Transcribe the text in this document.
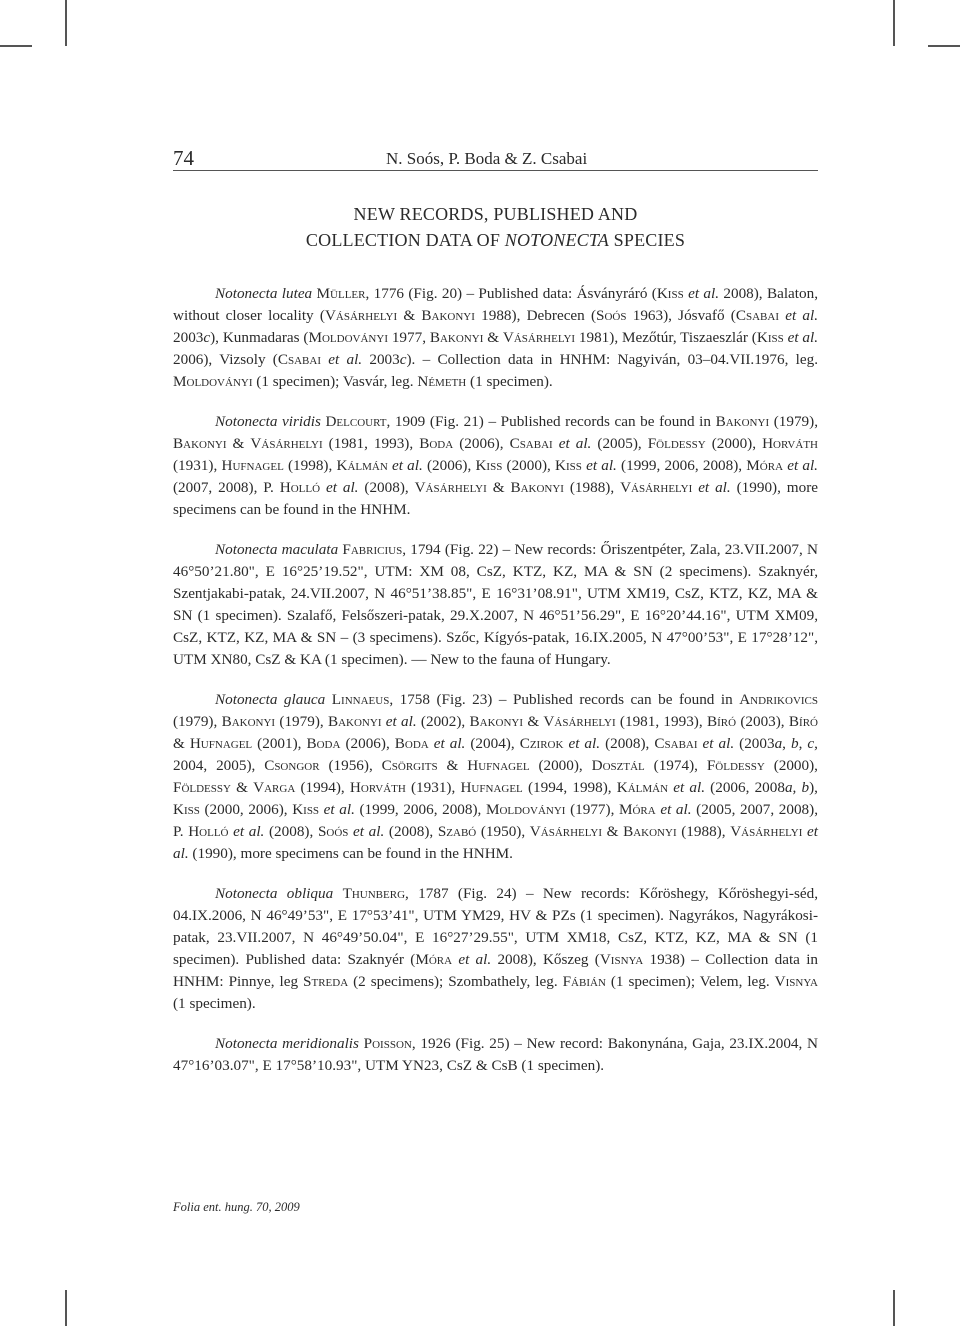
74	N. Soós, P. Boda & Z. Csabai
NEW RECORDS, PUBLISHED AND
COLLECTION DATA OF NOTONECTA SPECIES

Notonecta lutea Müller, 1776 (Fig. 20) – Published data: Ásványráró (Kiss et al. 2008), Balaton, without closer locality (Vásárhelyi & Bakonyi 1988), Debrecen (Soós 1963), Jósvafő (Csabai et al. 2003c), Kunmadaras (Moldoványi 1977, Bakonyi & Vásárhelyi 1981), Mezőtúr, Tiszaeszlár (Kiss et al. 2006), Vizsoly (Csabai et al. 2003c). – Collection data in HNHM: Nagyiván, 03–04.VII.1976, leg. Moldoványi (1 specimen); Vasvár, leg. Németh (1 specimen).

Notonecta viridis Delcourt, 1909 (Fig. 21) – Published records can be found in Bakonyi (1979), Bakonyi & Vásárhelyi (1981, 1993), Boda (2006), Csabai et al. (2005), Földessy (2000), Horváth (1931), Hufnagel (1998), Kálmán et al. (2006), Kiss (2000), Kiss et al. (1999, 2006, 2008), Móra et al. (2007, 2008), P. Holló et al. (2008), Vásárhelyi & Bakonyi (1988), Vásárhelyi et al. (1990), more specimens can be found in the HNHM.

Notonecta maculata Fabricius, 1794 (Fig. 22) – New records: Őriszentpéter, Zala, 23.VII.2007, N 46°50’21.80", E 16°25’19.52", UTM: XM 08, CsZ, KTZ, KZ, MA & SN (2 specimens). Szaknyér, Szentjakabi-patak, 24.VII.2007, N 46°51’38.85", E 16°31’08.91", UTM XM19, CsZ, KTZ, KZ, MA & SN (1 specimen). Szalafő, Felsőszeri-patak, 29.X.2007, N 46°51’56.29", E 16°20’44.16", UTM XM09, CsZ, KTZ, KZ, MA & SN – (3 specimens). Szőc, Kígyós-patak, 16.IX.2005, N 47°00’53", E 17°28’12", UTM XN80, CsZ & KA (1 specimen). — New to the fauna of Hungary.

Notonecta glauca Linnaeus, 1758 (Fig. 23) – Published records can be found in Andrikovics (1979), Bakonyi (1979), Bakonyi et al. (2002), Bakonyi & Vásárhelyi (1981, 1993), Bíró (2003), Bíró & Hufnagel (2001), Boda (2006), Boda et al. (2004), Czirok et al. (2008), Csabai et al. (2003a, b, c, 2004, 2005), Csongor (1956), Csörgits & Hufnagel (2000), Dosztál (1974), Földessy (2000), Földessy & Varga (1994), Horváth (1931), Hufnagel (1994, 1998), Kálmán et al. (2006, 2008a, b), Kiss (2000, 2006), Kiss et al. (1999, 2006, 2008), Moldoványi (1977), Móra et al. (2005, 2007, 2008), P. Holló et al. (2008), Soós et al. (2008), Szabó (1950), Vásárhelyi & Bakonyi (1988), Vásárhelyi et al. (1990), more specimens can be found in the HNHM.

Notonecta obliqua Thunberg, 1787 (Fig. 24) – New records: Kőröshegy, Kőröshegyi-séd, 04.IX.2006, N 46°49’53", E 17°53’41", UTM YM29, HV & PZs (1 specimen). Nagyrákos, Nagyrákosi-patak, 23.VII.2007, N 46°49’50.04", E 16°27’29.55", UTM XM18, CsZ, KTZ, KZ, MA & SN (1 specimen). Published data: Szaknyér (Móra et al. 2008), Kőszeg (Visnya 1938) – Collection data in HNHM: Pinnye, leg Streda (2 specimens); Szombathely, leg. Fábián (1 specimen); Velem, leg. Visnya (1 specimen).

Notonecta meridionalis Poisson, 1926 (Fig. 25) – New record: Bakonynána, Gaja, 23.IX.2004, N 47°16’03.07", E 17°58’10.93", UTM YN23, CsZ & CsB (1 specimen).

Folia ent. hung. 70, 2009
